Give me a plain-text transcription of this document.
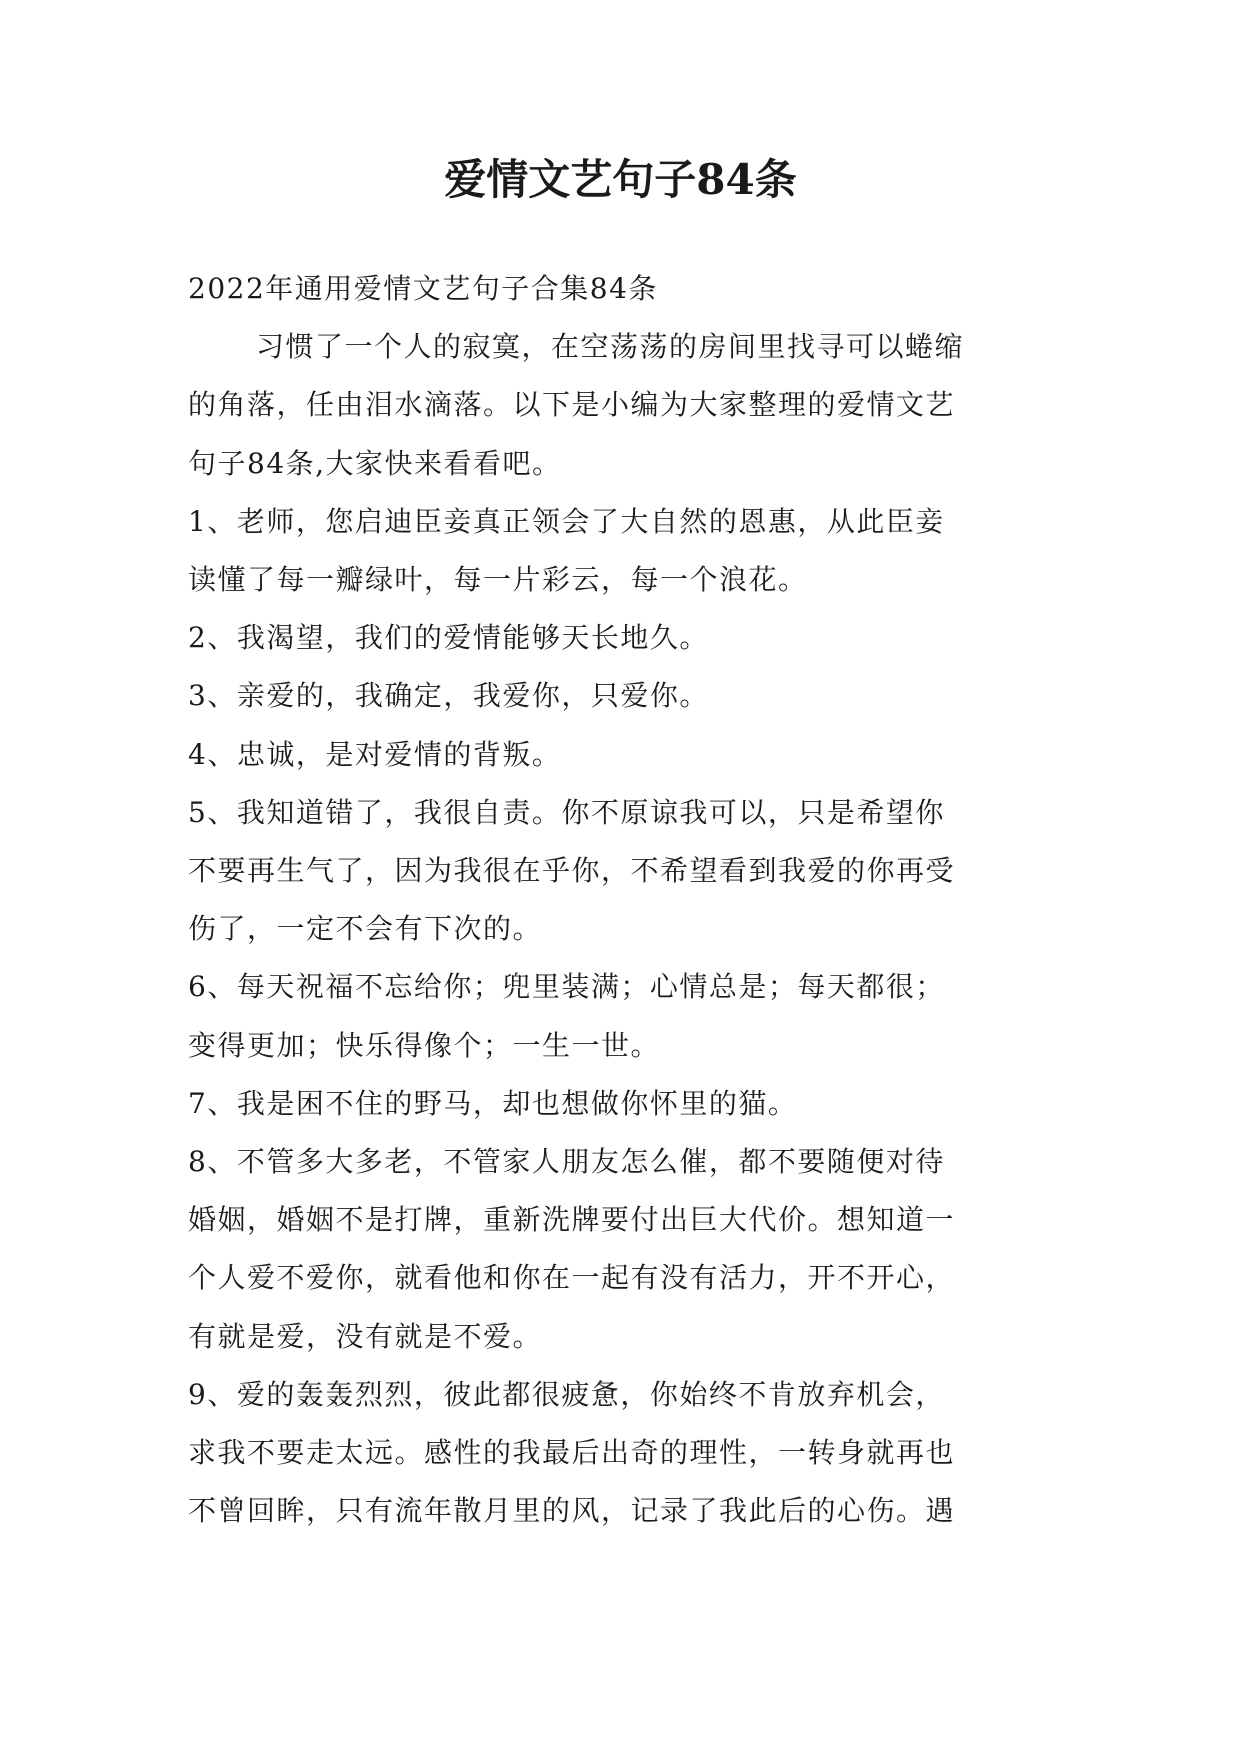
爱情文艺句子84条
2022年通用爱情文艺句子合集84条
习惯了一个人的寂寞，在空荡荡的房间里找寻可以蜷缩
的角落，任由泪水滴落。以下是小编为大家整理的爱情文艺
句子84条,大家快来看看吧。
1、老师，您启迪臣妾真正领会了大自然的恩惠，从此臣妾
读懂了每一瓣绿叶，每一片彩云，每一个浪花。
2、我渴望，我们的爱情能够天长地久。
3、亲爱的，我确定，我爱你，只爱你。
4、忠诚，是对爱情的背叛。
5、我知道错了，我很自责。你不原谅我可以，只是希望你
不要再生气了，因为我很在乎你，不希望看到我爱的你再受
伤了，一定不会有下次的。
6、每天祝福不忘给你；兜里装满；心情总是；每天都很；
变得更加；快乐得像个；一生一世。
7、我是困不住的野马，却也想做你怀里的猫。
8、不管多大多老，不管家人朋友怎么催，都不要随便对待
婚姻，婚姻不是打牌，重新洗牌要付出巨大代价。想知道一
个人爱不爱你，就看他和你在一起有没有活力，开不开心，
有就是爱，没有就是不爱。
9、爱的轰轰烈烈，彼此都很疲惫，你始终不肯放弃机会，
求我不要走太远。感性的我最后出奇的理性，一转身就再也
不曾回眸，只有流年散月里的风，记录了我此后的心伤。遇
